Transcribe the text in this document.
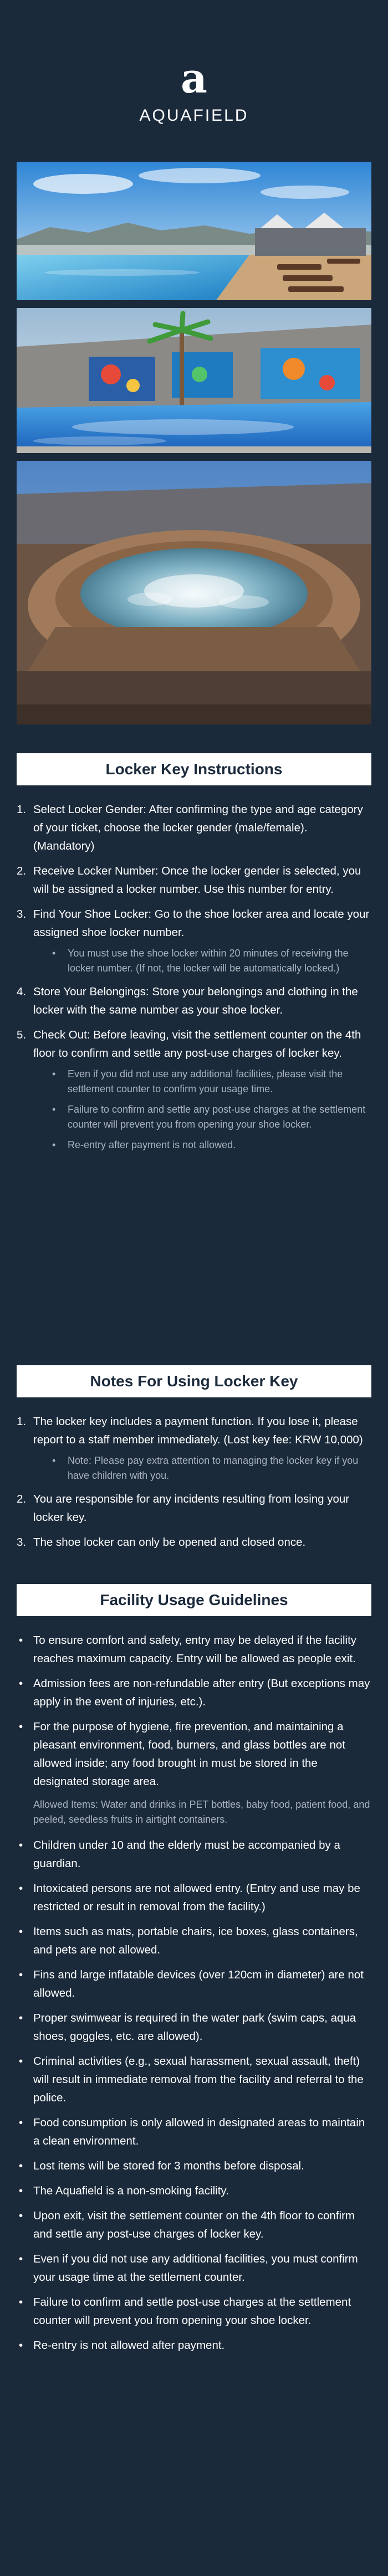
a
AQUAFIELD
Locker Key Instructions
Select Locker Gender: After confirming the type and age category of your ticket, choose the locker gender (male/female). (Mandatory)
Receive Locker Number: Once the locker gender is selected, you will be assigned a locker number. Use this number for entry.
Find Your Shoe Locker: Go to the shoe locker area and locate your assigned shoe locker number.
• You must use the shoe locker within 20 minutes of receiving the locker number. (If not, the locker will be automatically locked.)
Store Your Belongings: Store your belongings and clothing in the locker with the same number as your shoe locker.
Check Out: Before leaving, visit the settlement counter on the 4th floor to confirm and settle any post-use charges of locker key.
• Even if you did not use any additional facilities, please visit the settlement counter to confirm your usage time.
• Failure to confirm and settle any post-use charges at the settlement counter will prevent you from opening your shoe locker.
• Re-entry after payment is not allowed.
Notes For Using Locker Key
The locker key includes a payment function. If you lose it, please report to a staff member immediately. (Lost key fee: KRW 10,000)
• Note: Please pay extra attention to managing the locker key if you have children with you.
You are responsible for any incidents resulting from losing your locker key.
The shoe locker can only be opened and closed once.
Facility Usage Guidelines
• To ensure comfort and safety, entry may be delayed if the facility reaches maximum capacity. Entry will be allowed as people exit.
• Admission fees are non-refundable after entry (But exceptions may apply in the event of injuries, etc.).
• For the purpose of hygiene, fire prevention, and maintaining a pleasant environment, food, burners, and glass bottles are not allowed inside; any food brought in must be stored in the designated storage area.
Allowed Items: Water and drinks in PET bottles, baby food, patient food, and peeled, seedless fruits in airtight containers.
• Children under 10 and the elderly must be accompanied by a guardian.
• Intoxicated persons are not allowed entry. (Entry and use may be restricted or result in removal from the facility.)
• Items such as mats, portable chairs, ice boxes, glass containers, and pets are not allowed.
• Fins and large inflatable devices (over 120cm in diameter) are not allowed.
• Proper swimwear is required in the water park (swim caps, aqua shoes, goggles, etc. are allowed).
• Criminal activities (e.g., sexual harassment, sexual assault, theft) will result in immediate removal from the facility and referral to the police.
• Food consumption is only allowed in designated areas to maintain a clean environment.
• Lost items will be stored for 3 months before disposal.
• The Aquafield is a non-smoking facility.
• Upon exit, visit the settlement counter on the 4th floor to confirm and settle any post-use charges of locker key.
• Even if you did not use any additional facilities, you must confirm your usage time at the settlement counter.
• Failure to confirm and settle post-use charges at the settlement counter will prevent you from opening your shoe locker.
• Re-entry is not allowed after payment.
